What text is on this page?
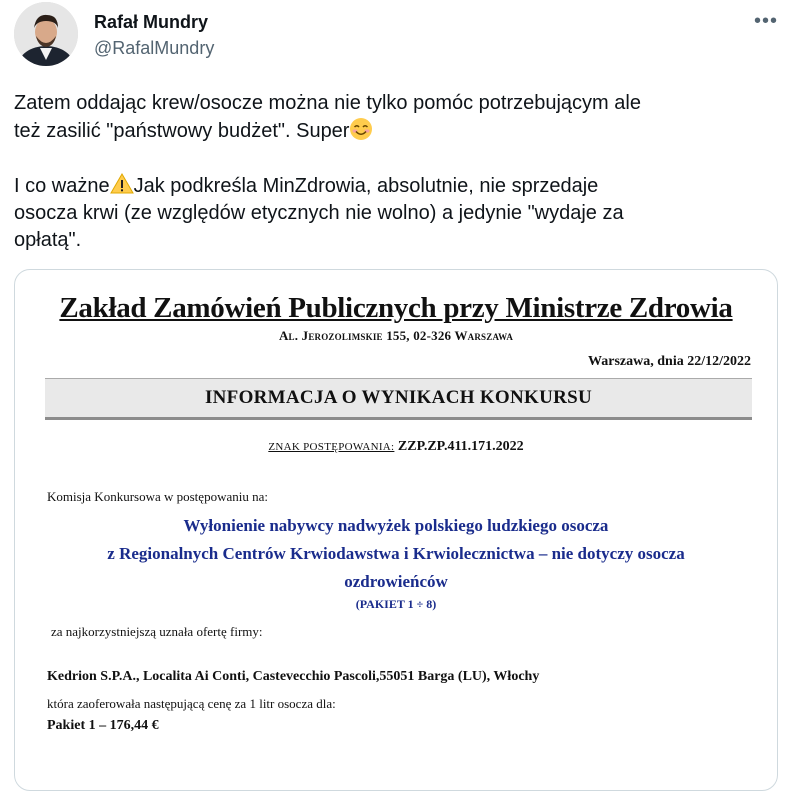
Rafał Mundry
@RafalMundry
•••

Zatem oddając krew/osocze można nie tylko pomóc potrzebującym ale
też zasilić "państwowy budżet". Super

I co ważne Jak podkreśla MinZdrowia, absolutnie, nie sprzedaje
osocza krwi (ze względów etycznych nie wolno) a jedynie "wydaje za
opłatą".

Zakład Zamówień Publicznych przy Ministrze Zdrowia
Al. Jerozolimskie 155, 02-326 Warszawa
Warszawa, dnia 22/12/2022
INFORMACJA O WYNIKACH KONKURSU
ZNAK POSTĘPOWANIA: ZZP.ZP.411.171.2022
Komisja Konkursowa w postępowaniu na:
Wyłonienie nabywcy nadwyżek polskiego ludzkiego osocza
z Regionalnych Centrów Krwiodawstwa i Krwiolecznictwa – nie dotyczy osocza
ozdrowieńców
(PAKIET 1 ÷ 8)
za najkorzystniejszą uznała ofertę firmy:
Kedrion S.P.A., Localita Ai Conti, Castevecchio Pascoli,55051 Barga (LU), Włochy
która zaoferowała następującą cenę za 1 litr osocza dla:
Pakiet 1 – 176,44 €
